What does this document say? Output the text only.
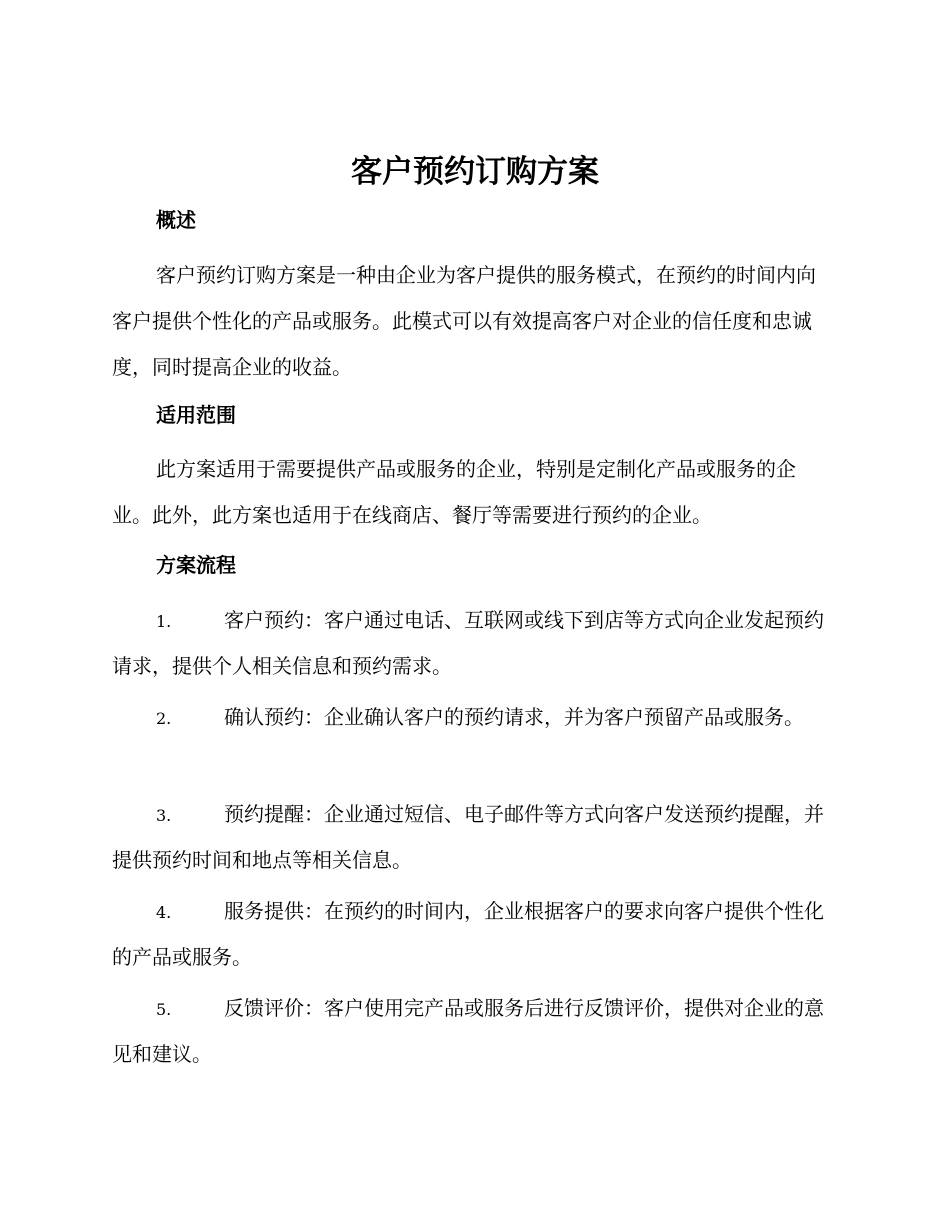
客户预约订购方案
概述

客户预约订购方案是一种由企业为客户提供的服务模式，在预约的时间内向客户提供个性化的产品或服务。此模式可以有效提高客户对企业的信任度和忠诚度，同时提高企业的收益。

适用范围

此方案适用于需要提供产品或服务的企业，特别是定制化产品或服务的企业。此外，此方案也适用于在线商店、餐厅等需要进行预约的企业。

方案流程

1.	客户预约：客户通过电话、互联网或线下到店等方式向企业发起预约请求，提供个人相关信息和预约需求。

2.	确认预约：企业确认客户的预约请求，并为客户预留产品或服务。

3.	预约提醒：企业通过短信、电子邮件等方式向客户发送预约提醒，并提供预约时间和地点等相关信息。

4.	服务提供：在预约的时间内，企业根据客户的要求向客户提供个性化的产品或服务。

5.	反馈评价：客户使用完产品或服务后进行反馈评价，提供对企业的意见和建议。
